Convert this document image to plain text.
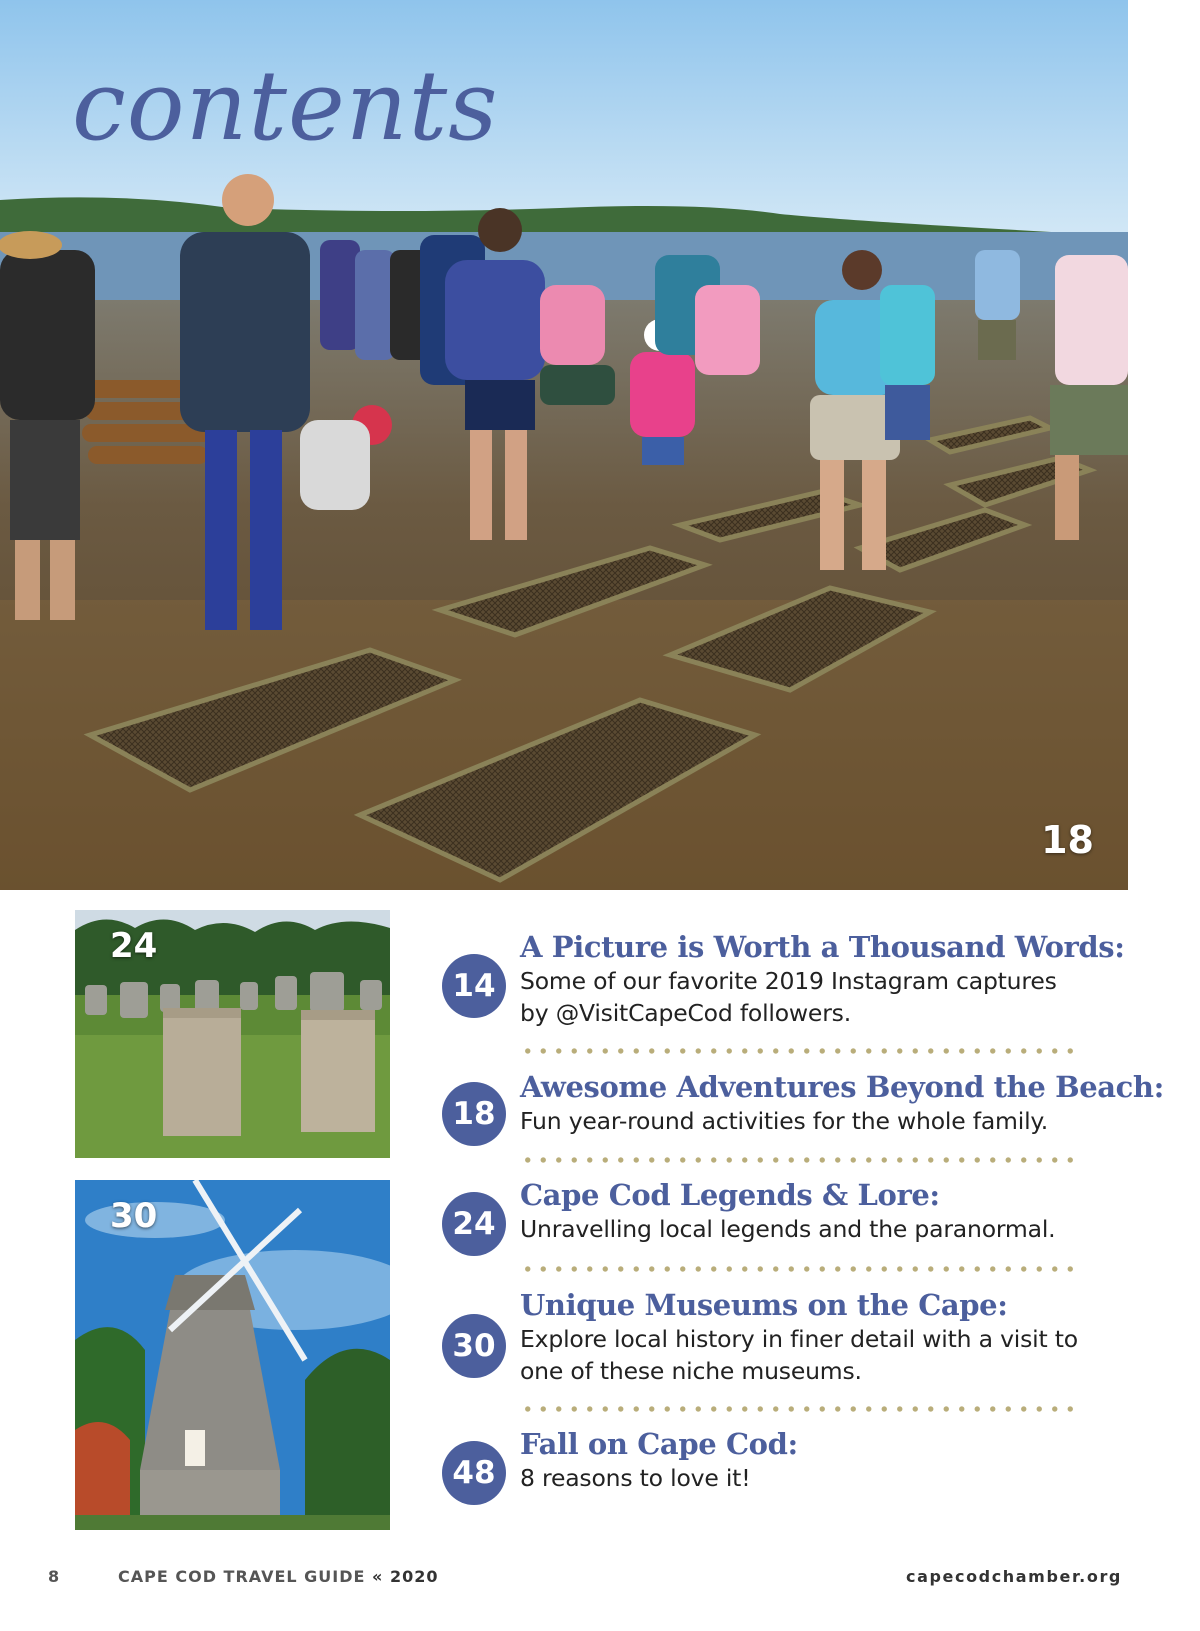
contents
18
24
30
14
A Picture is Worth a Thousand Words:
Some of our favorite 2019 Instagram captures
by @VisitCapeCod followers.
18
Awesome Adventures Beyond the Beach:
Fun year-round activities for the whole family.
24
Cape Cod Legends & Lore:
Unravelling local legends and the paranormal.
30
Unique Museums on the Cape:
Explore local history in finer detail with a visit to
one of these niche museums.
48
Fall on Cape Cod:
8 reasons to love it!
8	CAPE COD TRAVEL GUIDE « 2020	capecodchamber.org
